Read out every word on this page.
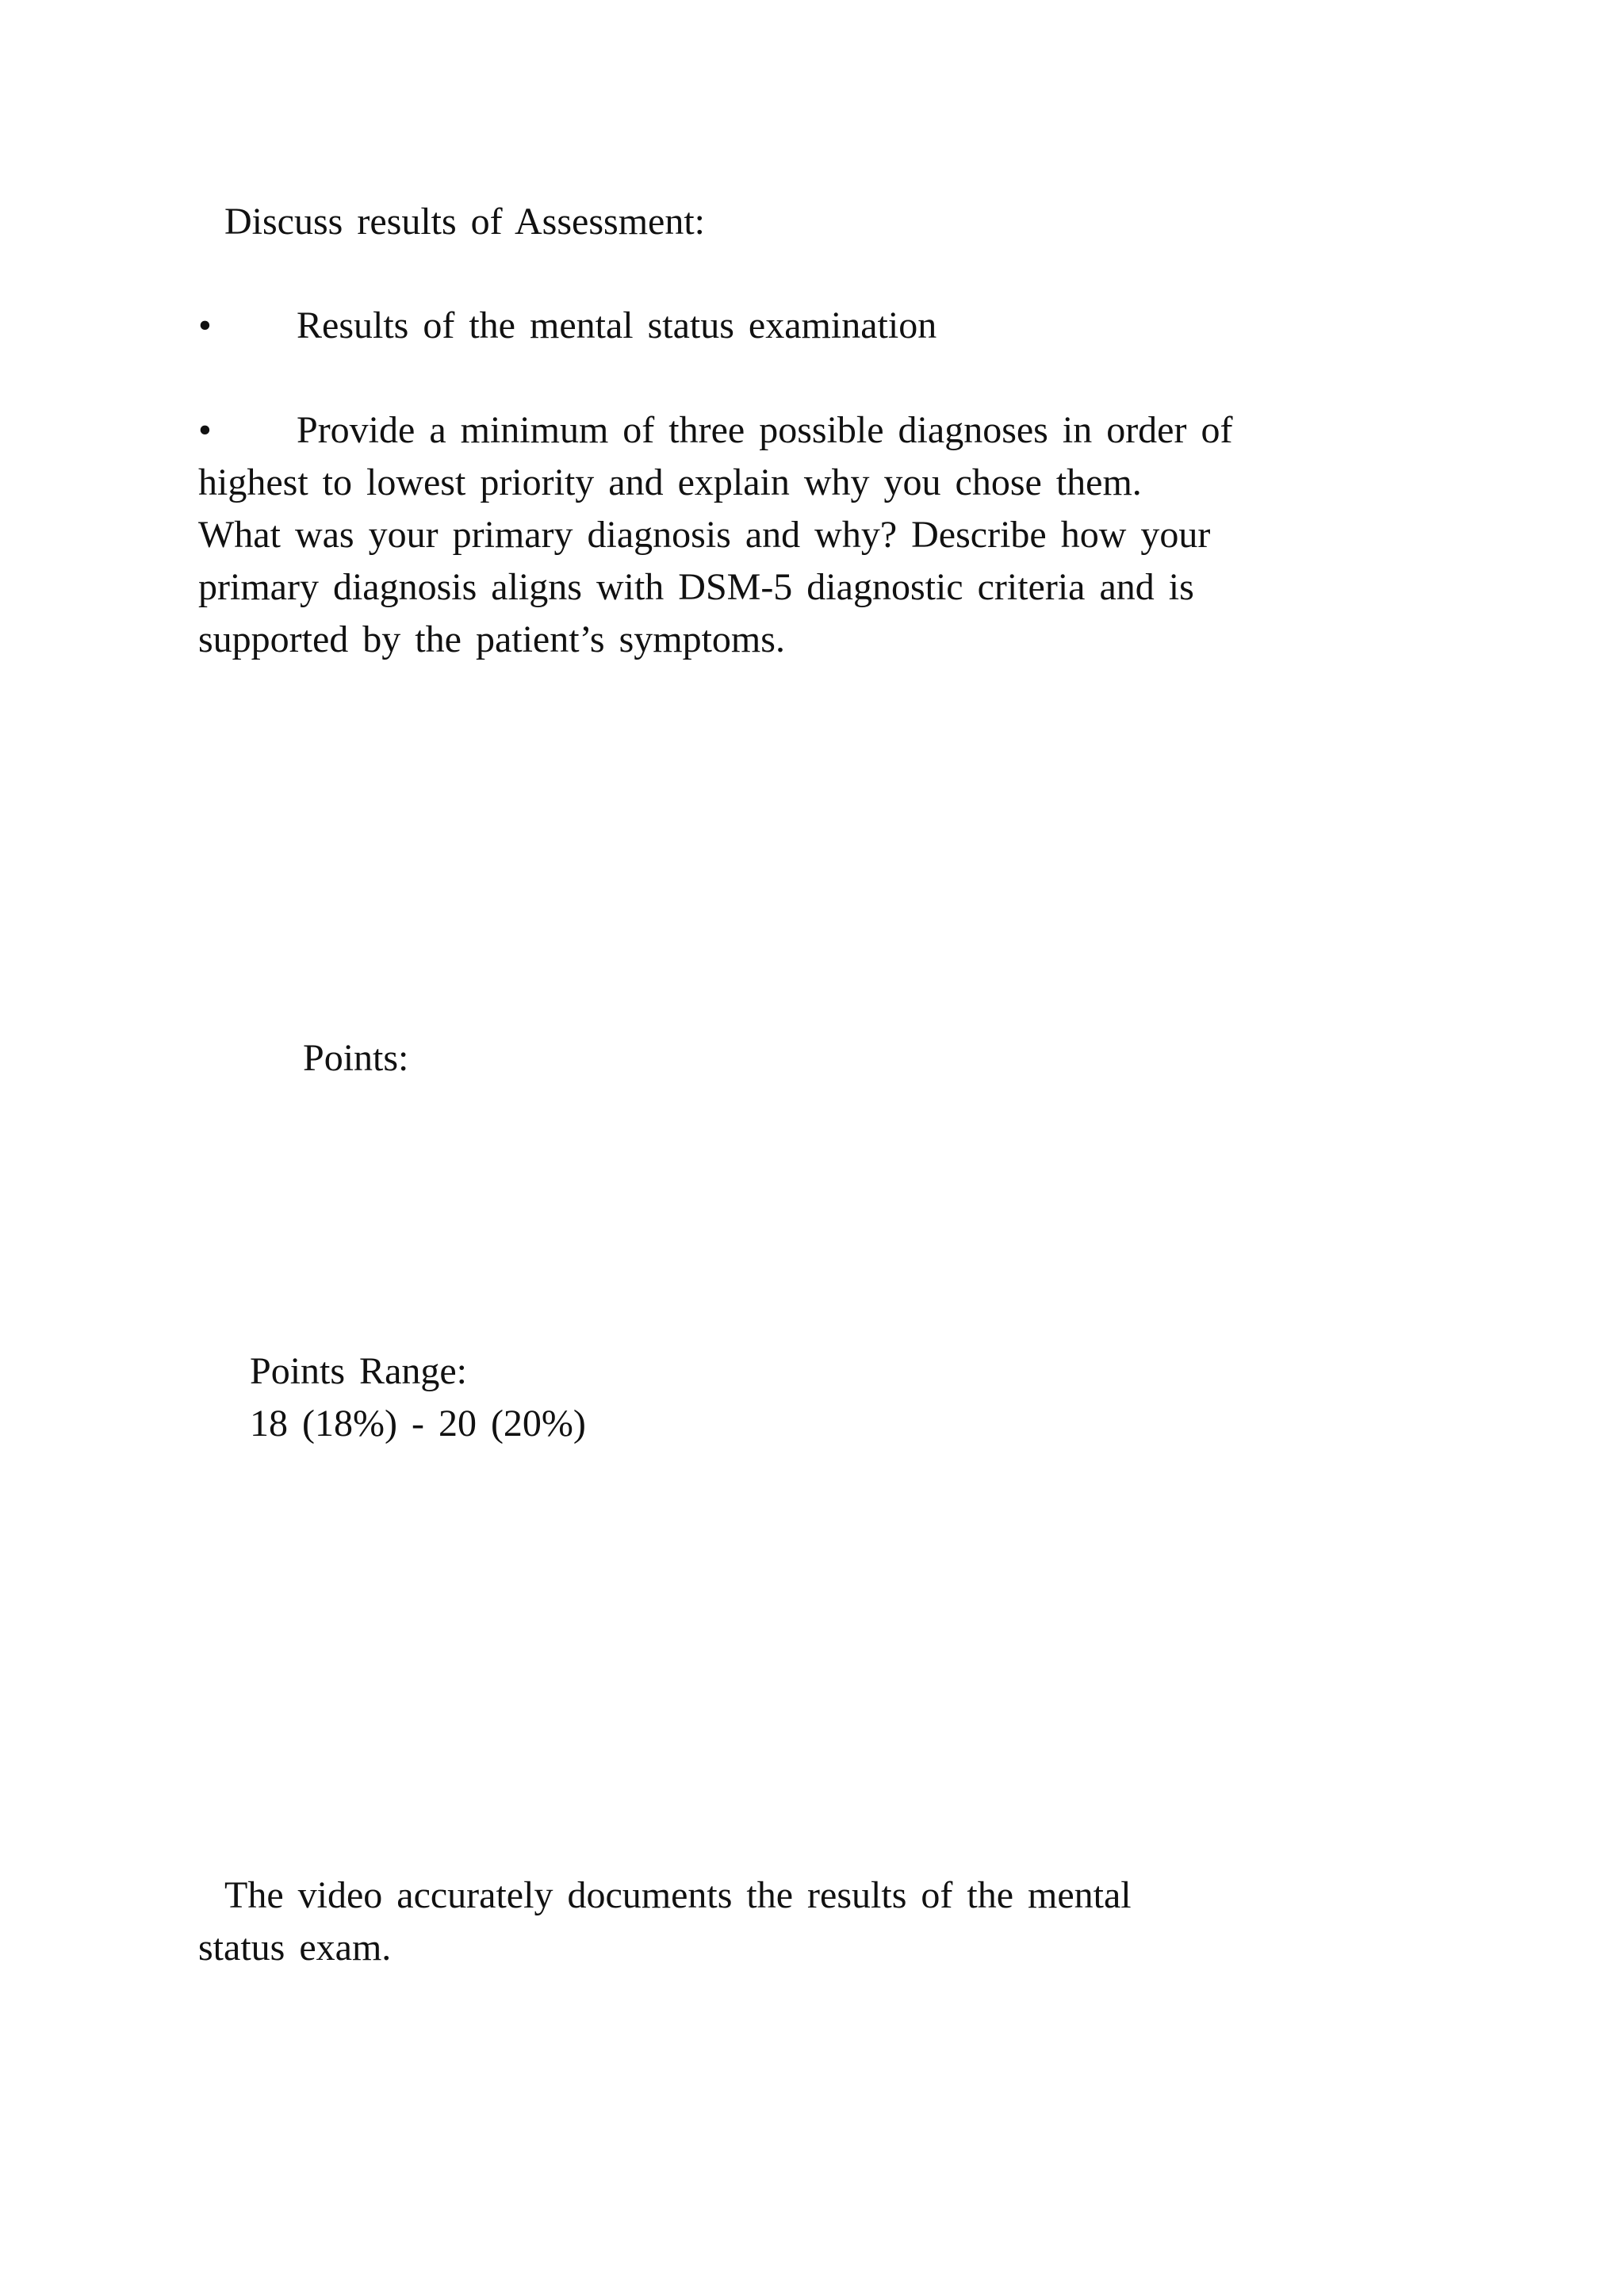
Discuss results of Assessment:

• Results of the mental status examination

•	Provide a minimum of three possible diagnoses in order of
highest to lowest priority and explain why you chose them.
What was your primary diagnosis and why? Describe how your
primary diagnosis aligns with DSM-5 diagnostic criteria and is
supported by the patient’s symptoms.

Points:

Points Range:
18 (18%) - 20 (20%)
The video accurately documents the results of the mental
status exam.
